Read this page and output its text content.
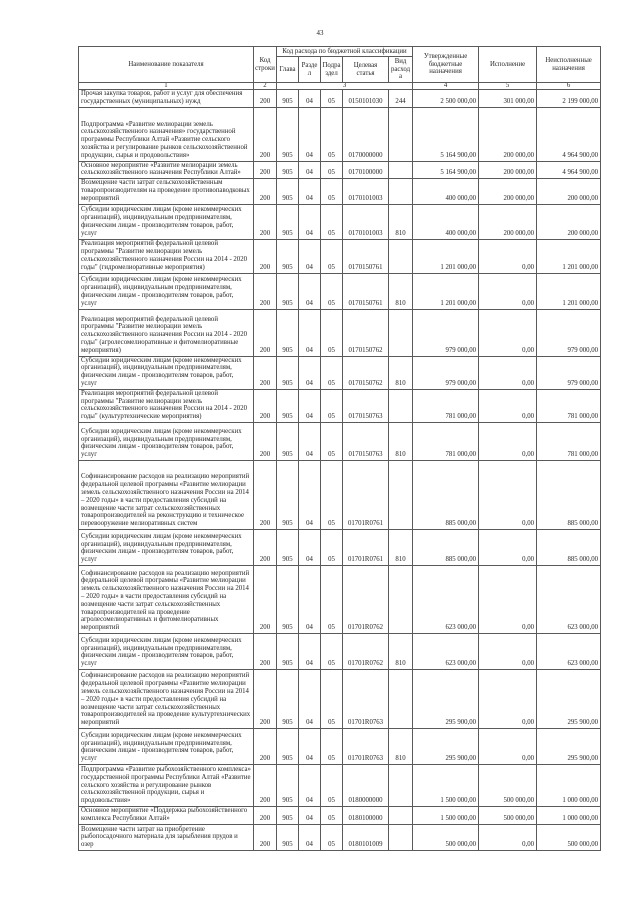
43
Наименование показателя	Код строки	Код расхода по бюджетной классификации					Утвержденные бюджетные назначения	Исполнение	Неисполненные назначения
		Глава	Раздел	Подраздел	Целевая статья	Вид расхода			
1	2	3					4	5	6
Прочая закупка товаров, работ и услуг для обеспечения государственных (муниципальных) нужд	200	905	04	05	0150101030	244	2 500 000,00	301 000,00	2 199 000,00
Подпрограмма «Развитие мелиорации земель сельскохозяйственного назначения» государственной программы Республики Алтай «Развитие сельского хозяйства и регулирование рынков сельскохозяйственной продукции, сырья и продовольствия»	200	905	04	05	0170000000		5 164 900,00	200 000,00	4 964 900,00
Основное мероприятие «Развитие мелиорации земель сельскохозяйственного назначения Республики Алтай»	200	905	04	05	0170100000		5 164 900,00	200 000,00	4 964 900,00
Возмещение части затрат сельскохозяйственным товаропроизводителям на проведение противопаводковых мероприятий	200	905	04	05	0170101003		400 000,00	200 000,00	200 000,00
Субсидии юридическим лицам (кроме некоммерческих организаций), индивидуальным предпринимателям, физическим лицам - производителям товаров, работ, услуг	200	905	04	05	0170101003	810	400 000,00	200 000,00	200 000,00
Реализация мероприятий федеральной целевой программы "Развитие мелиорации земель сельскохозяйственного назначения России на 2014 - 2020 годы" (гидромелиоративные мероприятия)	200	905	04	05	0170150761		1 201 000,00	0,00	1 201 000,00
Субсидии юридическим лицам (кроме некоммерческих организаций), индивидуальным предпринимателям, физическим лицам - производителям товаров, работ, услуг	200	905	04	05	0170150761	810	1 201 000,00	0,00	1 201 000,00
Реализация мероприятий федеральной целевой программы "Развитие мелиорации земель сельскохозяйственного назначения России на 2014 - 2020 годы" (агролесомелиоративные и фитомелиоративные мероприятия)	200	905	04	05	0170150762		979 000,00	0,00	979 000,00
Субсидии юридическим лицам (кроме некоммерческих организаций), индивидуальным предпринимателям, физическим лицам - производителям товаров, работ, услуг	200	905	04	05	0170150762	810	979 000,00	0,00	979 000,00
Реализация мероприятий федеральной целевой программы "Развитие мелиорации земель сельскохозяйственного назначения России на 2014 - 2020 годы" (культуртехнические мероприятия)	200	905	04	05	0170150763		781 000,00	0,00	781 000,00
Субсидии юридическим лицам (кроме некоммерческих организаций), индивидуальным предпринимателям, физическим лицам - производителям товаров, работ, услуг	200	905	04	05	0170150763	810	781 000,00	0,00	781 000,00
Софинансирование расходов на реализацию мероприятий федеральной целевой программы «Развитие мелиорации земель сельскохозяйственного назначения России на 2014 – 2020 годы» в части предоставления субсидий на возмещение части затрат сельскохозяйственных товаропроизводителей на реконструкцию и техническое перевооружение мелиоративных систем	200	905	04	05	01701R0761		885 000,00	0,00	885 000,00
Субсидии юридическим лицам (кроме некоммерческих организаций), индивидуальным предпринимателям, физическим лицам - производителям товаров, работ, услуг	200	905	04	05	01701R0761	810	885 000,00	0,00	885 000,00
Софинансирование расходов на реализацию мероприятий федеральной целевой программы «Развитие мелиорации земель сельскохозяйственного назначения России на 2014 – 2020 годы» в части предоставления субсидий на возмещение части затрат сельскохозяйственных товаропроизводителей на проведение агролесомелиоративных и фитомелиоративных мероприятий	200	905	04	05	01701R0762		623 000,00	0,00	623 000,00
Субсидии юридическим лицам (кроме некоммерческих организаций), индивидуальным предпринимателям, физическим лицам - производителям товаров, работ, услуг	200	905	04	05	01701R0762	810	623 000,00	0,00	623 000,00
Софинансирование расходов на реализацию мероприятий федеральной целевой программы «Развитие мелиорации земель сельскохозяйственного назначения России на 2014 – 2020 годы» в части предоставления субсидий на возмещение части затрат сельскохозяйственных товаропроизводителей на проведение культуртехнических мероприятий	200	905	04	05	01701R0763		295 900,00	0,00	295 900,00
Субсидии юридическим лицам (кроме некоммерческих организаций), индивидуальным предпринимателям, физическим лицам - производителям товаров, работ, услуг	200	905	04	05	01701R0763	810	295 900,00	0,00	295 900,00
Подпрограмма «Развитие рыбохозяйственного комплекса» государственной программы Республики Алтай «Развитие сельского хозяйства и регулирование рынков сельскохозяйственной продукции, сырья и продовольствия»	200	905	04	05	0180000000		1 500 000,00	500 000,00	1 000 000,00
Основное мероприятие «Поддержка рыбохозяйственного комплекса Республики Алтай»	200	905	04	05	0180100000		1 500 000,00	500 000,00	1 000 000,00
Возмещение части затрат на приобретение рыбопосадочного материала для зарыбления прудов и озер	200	905	04	05	0180101009		500 000,00	0,00	500 000,00
